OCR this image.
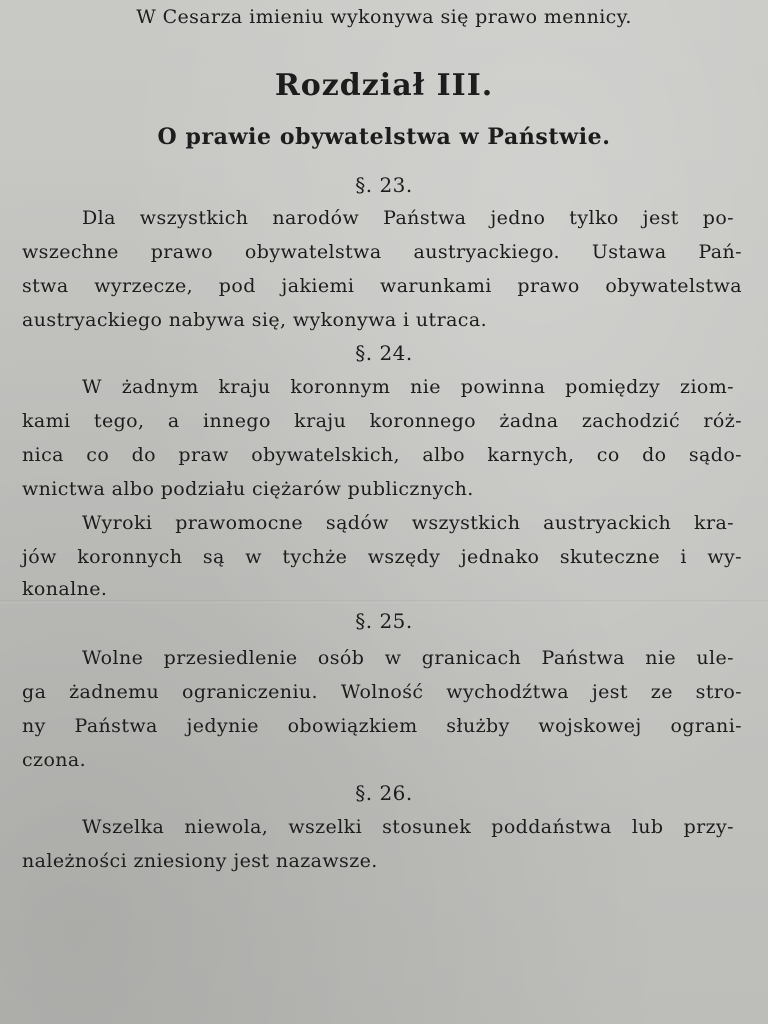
W Cesarza imieniu wykonywa się prawo mennicy.

Rozdział III.

O prawie obywatelstwa w Państwie.

§. 23.

Dla wszystkich narodów Państwa jedno tylko jest po-

wszechne prawo obywatelstwa austryackiego. Ustawa Pań-

stwa wyrzecze, pod jakiemi warunkami prawo obywatelstwa

austryackiego nabywa się, wykonywa i utraca.

§. 24.

W żadnym kraju koronnym nie powinna pomiędzy ziom-

kami tego, a innego kraju koronnego żadna zachodzić róż-

nica co do praw obywatelskich, albo karnych, co do sądo-

wnictwa albo podziału ciężarów publicznych.

Wyroki prawomocne sądów wszystkich austryackich kra-

jów koronnych są w tychże wszędy jednako skuteczne i wy-

konalne.

§. 25.

Wolne przesiedlenie osób w granicach Państwa nie ule-

ga żadnemu ograniczeniu. Wolność wychodźtwa jest ze stro-

ny Państwa jedynie obowiązkiem służby wojskowej ograni-

czona.

§. 26.

Wszelka niewola, wszelki stosunek poddaństwa lub przy-

należności zniesiony jest nazawsze.
